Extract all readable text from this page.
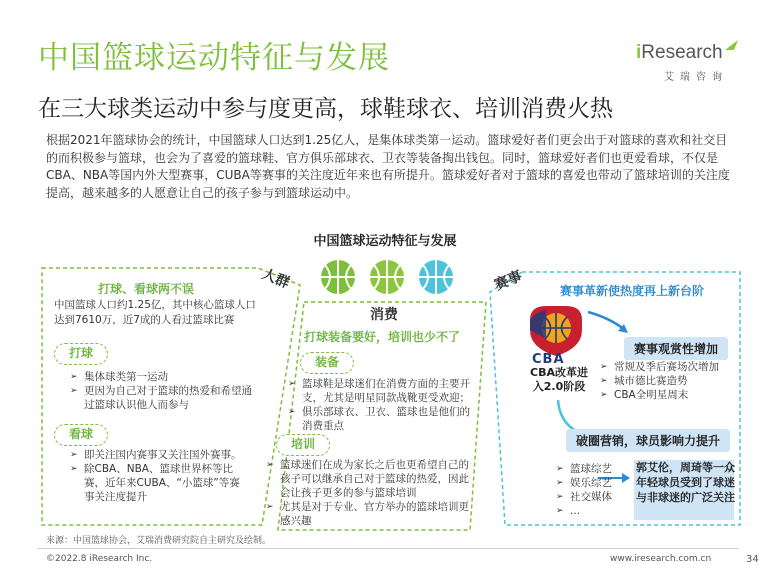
中国篮球运动特征与发展
在三大球类运动中参与度更高，球鞋球衣、培训消费火热
iResearch
艾瑞咨询
根据2021年篮球协会的统计，中国篮球人口达到1.25亿人，是集体球类第一运动。篮球爱好者们更会出于对篮球的喜欢和社交目的而积极参与篮球，也会为了喜爱的篮球鞋、官方俱乐部球衣、卫衣等装备掏出钱包。同时，篮球爱好者们也更爱看球，不仅是CBA、NBA等国内外大型赛事，CUBA等赛事的关注度近年来也有所提升。篮球爱好者对于篮球的喜爱也带动了篮球培训的关注度提高，越来越多的人愿意让自己的孩子参与到篮球运动中。
中国篮球运动特征与发展
人群
打球、看球两不误
中国篮球人口约1.25亿，其中核心篮球人口达到7610万，近7成的人看过篮球比赛
打球
➢ 集体球类第一运动
➢ 更因为自己对于篮球的热爱和希望通过篮球认识他人而参与
看球
➢ 即关注国内赛事又关注国外赛事。
➢ 除CBA、NBA、篮球世界杯等比赛，近年来CUBA、“小篮球”等赛事关注度提升
消费
打球装备要好，培训也少不了
装备
➢ 篮球鞋是球迷们在消费方面的主要开支，尤其是明星同款战靴更受欢迎；
➢ 俱乐部球衣、卫衣、篮球也是他们的消费重点
培训
➢ 篮球迷们在成为家长之后也更希望自己的孩子可以继承自己对于篮球的热爱，因此会让孩子更多的参与篮球培训
➢ 尤其是对于专业、官方举办的篮球培训更感兴趣
赛事	赛事革新使热度再上新台阶
CBA
CBA改革进入2.0阶段
赛事观赏性增加
➢ 常规及季后赛场次增加
➢ 城市德比赛造势
➢ CBA全明星周末
破圈营销，球员影响力提升
➢ 篮球综艺
➢ 娱乐综艺
➢ 社交媒体
➢ ...
郭艾伦，周琦等一众年轻球员受到了球迷与非球迷的广泛关注
来源：中国篮球协会，艾瑞消费研究院自主研究及绘制。
©2022.8 iResearch Inc.	www.iresearch.com.cn	34
